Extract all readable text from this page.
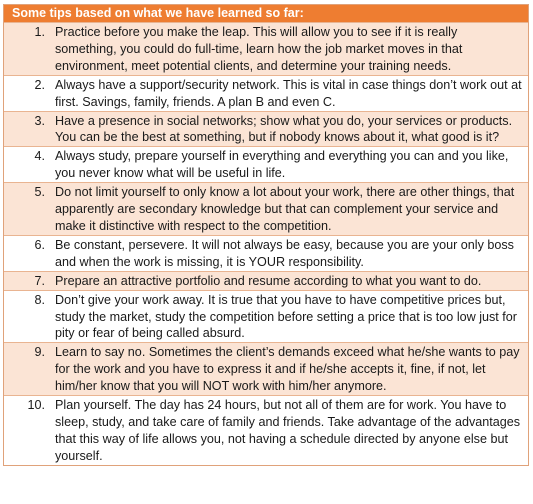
Some tips based on what we have learned so far:
1. Practice before you make the leap. This will allow you to see if it is really something, you could do full-time, learn how the job market moves in that environment, meet potential clients, and determine your training needs.
2. Always have a support/security network. This is vital in case things don’t work out at first. Savings, family, friends. A plan B and even C.
3. Have a presence in social networks; show what you do, your services or products. You can be the best at something, but if nobody knows about it, what good is it?
4. Always study, prepare yourself in everything and everything you can and you like, you never know what will be useful in life.
5. Do not limit yourself to only know a lot about your work, there are other things, that apparently are secondary knowledge but that can complement your service and make it distinctive with respect to the competition.
6. Be constant, persevere. It will not always be easy, because you are your only boss and when the work is missing, it is YOUR responsibility.
7. Prepare an attractive portfolio and resume according to what you want to do.
8. Don’t give your work away. It is true that you have to have competitive prices but, study the market, study the competition before setting a price that is too low just for pity or fear of being called absurd.
9. Learn to say no. Sometimes the client’s demands exceed what he/she wants to pay for the work and you have to express it and if he/she accepts it, fine, if not, let him/her know that you will NOT work with him/her anymore.
10. Plan yourself. The day has 24 hours, but not all of them are for work. You have to sleep, study, and take care of family and friends. Take advantage of the advantages that this way of life allows you, not having a schedule directed by anyone else but yourself.
